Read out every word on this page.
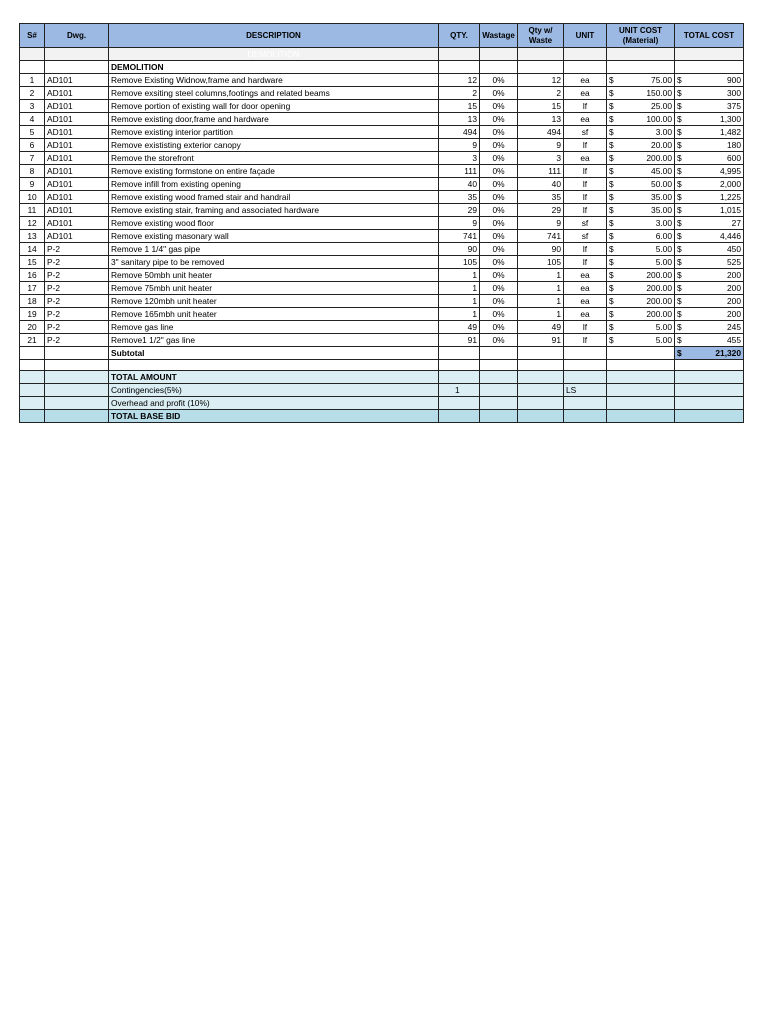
S#	Dwg.	DESCRIPTION	QTY.	Wastage	Qty w/ Waste	UNIT	UNIT COST (Material)	TOTAL COST
		DEMOLITION						
		DEMOLITION						
1	AD101	Remove Existing Widnow,frame and hardware	12	0%	12	ea	$ 75.00	$ 900

2	AD101	Remove exsiting steel columns,footings and related beams	2	0%	2	ea	$ 150.00	$ 300

3	AD101	Remove portion of existing wall for door opening	15	0%	15	lf	$ 25.00	$ 375

4	AD101	Remove existing door,frame and hardware	13	0%	13	ea	$ 100.00	$ 1,300

5	AD101	Remove existing interior partition	494	0%	494	sf	$ 3.00	$ 1,482

6	AD101	Remove exististing exterior canopy	9	0%	9	lf	$ 20.00	$ 180

7	AD101	Remove the storefront	3	0%	3	ea	$ 200.00	$ 600

8	AD101	Remove existing formstone on entire façade	111	0%	111	lf	$ 45.00	$ 4,995

9	AD101	Remove infill from existing opening	40	0%	40	lf	$ 50.00	$ 2,000

10	AD101	Remove existing wood framed stair and handrail	35	0%	35	lf	$ 35.00	$ 1,225

11	AD101	Remove existing stair, framing and associated hardware	29	0%	29	lf	$ 35.00	$ 1,015

12	AD101	Remove existing wood floor	9	0%	9	sf	$ 3.00	$ 27

13	AD101	Remove existing masonary wall	741	0%	741	sf	$ 6.00	$ 4,446

14	P-2	Remove 1 1/4" gas pipe	90	0%	90	lf	$ 5.00	$ 450

15	P-2	3" sanitary pipe to be removed	105	0%	105	lf	$ 5.00	$ 525

16	P-2	Remove 50mbh unit heater	1	0%	1	ea	$ 200.00	$ 200

17	P-2	Remove 75mbh unit heater	1	0%	1	ea	$ 200.00	$ 200

18	P-2	Remove 120mbh unit heater	1	0%	1	ea	$ 200.00	$ 200

19	P-2	Remove 165mbh unit heater	1	0%	1	ea	$ 200.00	$ 200

20	P-2	Remove gas line	49	0%	49	lf	$ 5.00	$ 245

21	P-2	Remove1 1/2" gas line	91	0%	91	lf	$ 5.00	$ 455

		Subtotal						$ 21,320

		TOTAL AMOUNT						
		Contingencies(5%)	1			LS		
		Overhead and profit (10%)						
		TOTAL BASE BID						
